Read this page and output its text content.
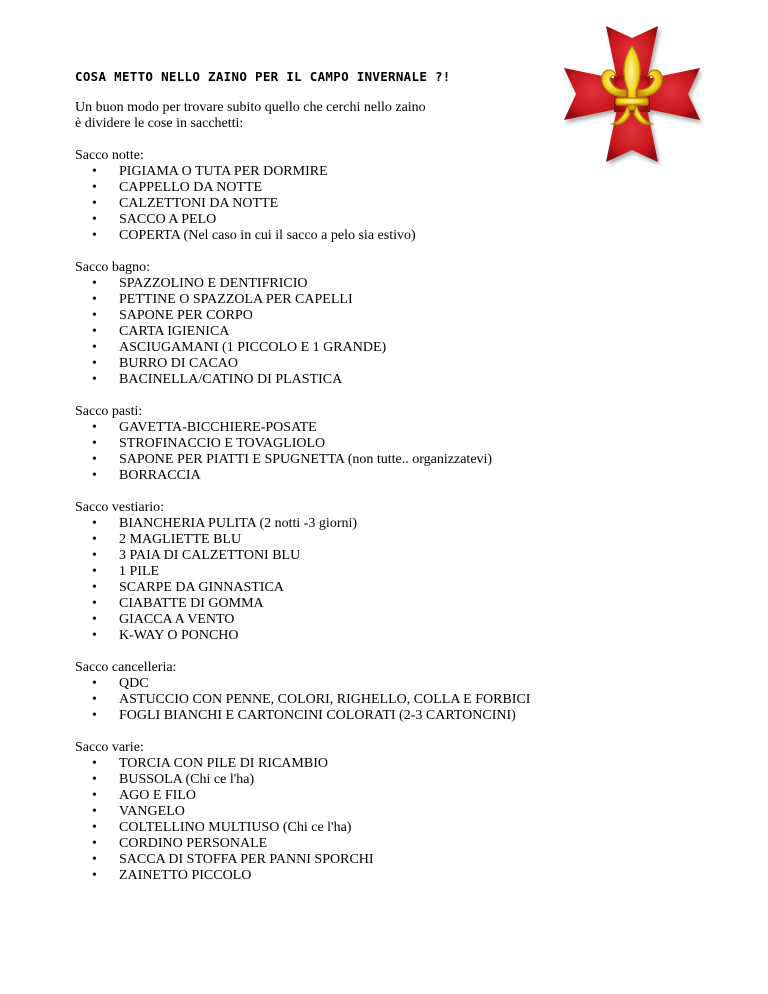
COSA METTO NELLO ZAINO PER IL CAMPO INVERNALE ?!
Un buon modo per trovare subito quello che cerchi nello zaino
è dividere le cose in sacchetti:
Sacco notte:
• PIGIAMA O TUTA PER DORMIRE
• CAPPELLO DA NOTTE
• CALZETTONI DA NOTTE
• SACCO A PELO
• COPERTA (Nel caso in cui il sacco a pelo sia estivo)
Sacco bagno:
• SPAZZOLINO E DENTIFRICIO
• PETTINE O SPAZZOLA PER CAPELLI
• SAPONE PER CORPO
• CARTA IGIENICA
• ASCIUGAMANI (1 PICCOLO E 1 GRANDE)
• BURRO DI CACAO
• BACINELLA/CATINO DI PLASTICA
Sacco pasti:
• GAVETTA-BICCHIERE-POSATE
• STROFINACCIO E TOVAGLIOLO
• SAPONE PER PIATTI E SPUGNETTA (non tutte.. organizzatevi)
• BORRACCIA
Sacco vestiario:
• BIANCHERIA PULITA (2 notti -3 giorni)
• 2 MAGLIETTE BLU
• 3 PAIA DI CALZETTONI BLU
• 1 PILE
• SCARPE DA GINNASTICA
• CIABATTE DI GOMMA
• GIACCA A VENTO
• K-WAY O PONCHO
Sacco cancelleria:
• QDC
• ASTUCCIO CON PENNE, COLORI, RIGHELLO, COLLA E FORBICI
• FOGLI BIANCHI E CARTONCINI COLORATI (2-3 CARTONCINI)
Sacco varie:
• TORCIA CON PILE DI RICAMBIO
• BUSSOLA (Chi ce l'ha)
• AGO E FILO
• VANGELO
• COLTELLINO MULTIUSO (Chi ce l'ha)
• CORDINO PERSONALE
• SACCA DI STOFFA PER PANNI SPORCHI
• ZAINETTO PICCOLO
